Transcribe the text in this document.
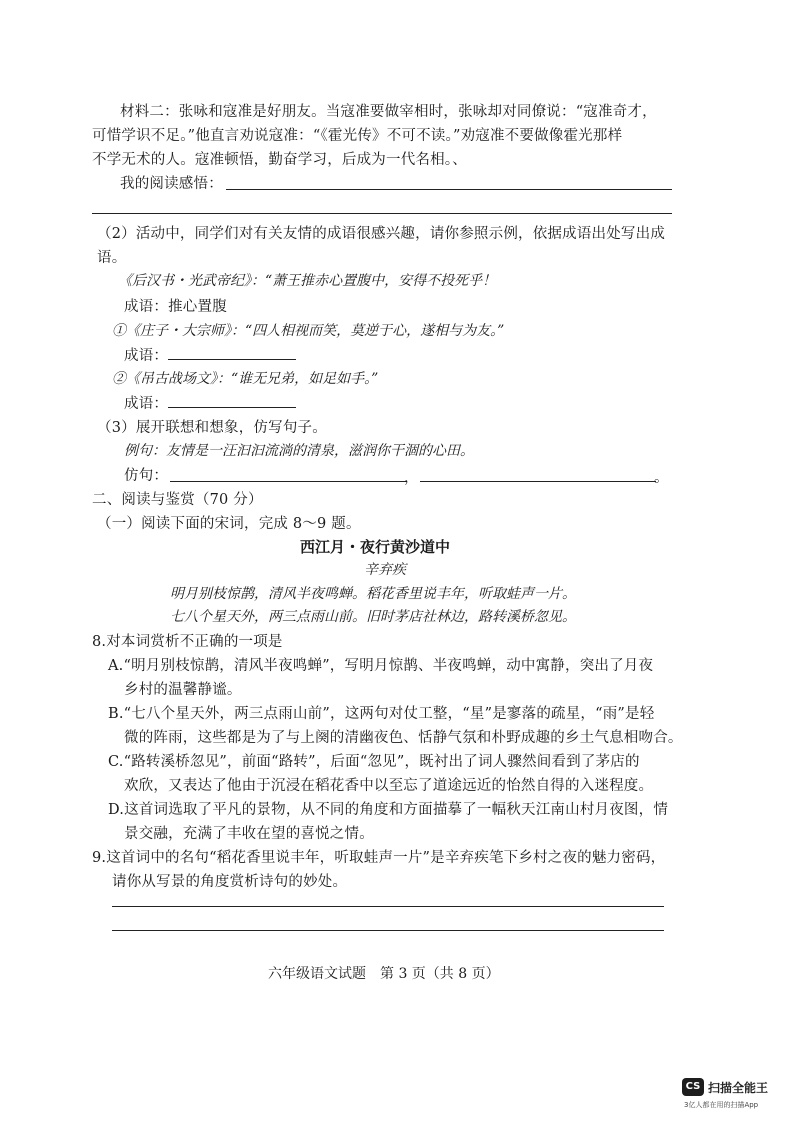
材料二：张咏和寇准是好朋友。当寇准要做宰相时，张咏却对同僚说：“寇准奇才，
可惜学识不足。”他直言劝说寇准：“《霍光传》不可不读。”劝寇准不要做像霍光那样
不学无术的人。寇准顿悟，勤奋学习，后成为一代名相。、
我的阅读感悟：
（2）活动中，同学们对有关友情的成语很感兴趣，请你参照示例，依据成语出处写出成
语。
《后汉书・光武帝纪》：“萧王推赤心置腹中，安得不投死乎！
成语：推心置腹
①《庄子・大宗师》：“四人相视而笑，莫逆于心，遂相与为友。”
成语：
②《吊古战场文》：“谁无兄弟，如足如手。”
成语：
（3）展开联想和想象，仿写句子。
例句：友情是一汪汩汩流淌的清泉，滋润你干涸的心田。
仿句：	，	。
二、阅读与鉴赏（70 分）
（一）阅读下面的宋词，完成 8～9 题。
西江月・夜行黄沙道中
辛弃疾
明月别枝惊鹊，清风半夜鸣蝉。稻花香里说丰年，听取蛙声一片。
七八个星天外，两三点雨山前。旧时茅店社林边，路转溪桥忽见。
8.对本词赏析不正确的一项是
A.“明月别枝惊鹊，清风半夜鸣蝉”，写明月惊鹊、半夜鸣蝉，动中寓静，突出了月夜
乡村的温馨静谧。
B.“七八个星天外，两三点雨山前”，这两句对仗工整，“星”是寥落的疏星，“雨”是轻
微的阵雨，这些都是为了与上阕的清幽夜色、恬静气氛和朴野成趣的乡土气息相吻合。
C.“路转溪桥忽见”，前面“路转”，后面“忽见”，既衬出了词人骤然间看到了茅店的
欢欣，又表达了他由于沉浸在稻花香中以至忘了道途远近的怡然自得的入迷程度。
D.这首词选取了平凡的景物，从不同的角度和方面描摹了一幅秋天江南山村月夜图，情
景交融，充满了丰收在望的喜悦之情。
9.这首词中的名句“稻花香里说丰年，听取蛙声一片”是辛弃疾笔下乡村之夜的魅力密码，
请你从写景的角度赏析诗句的妙处。
六年级语文试题　第 3 页（共 8 页）
CS 扫描全能王
3亿人都在用的扫描App
